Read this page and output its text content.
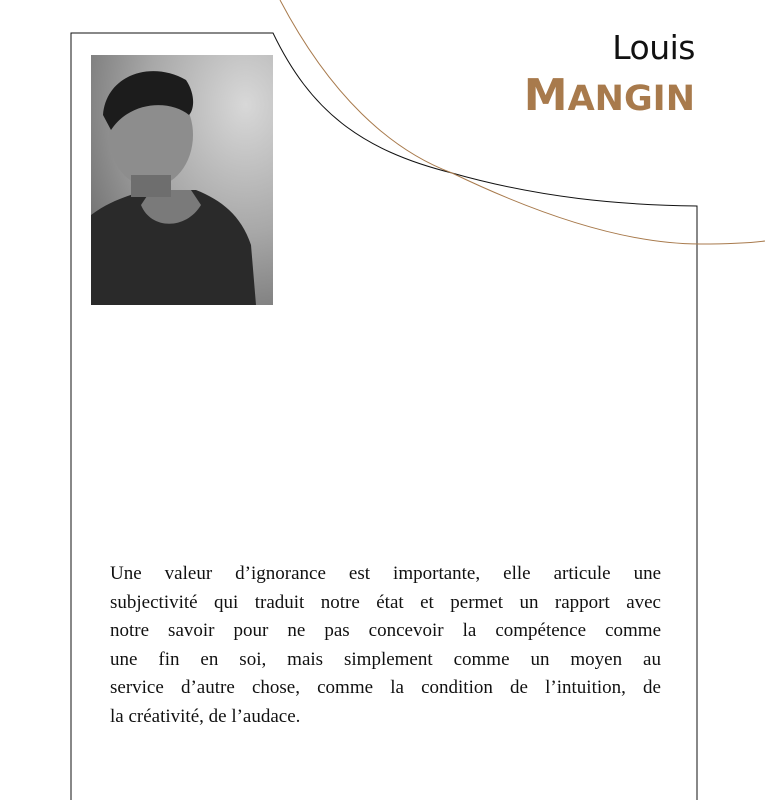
Louis
MANGIN
Une valeur d’ignorance est importante, elle articule une
subjectivité qui traduit notre état et permet un rapport avec
notre savoir pour ne pas concevoir la compétence comme
une fin en soi, mais simplement comme un moyen au
service d’autre chose, comme la condition de l’intuition, de
la créativité, de l’audace.
